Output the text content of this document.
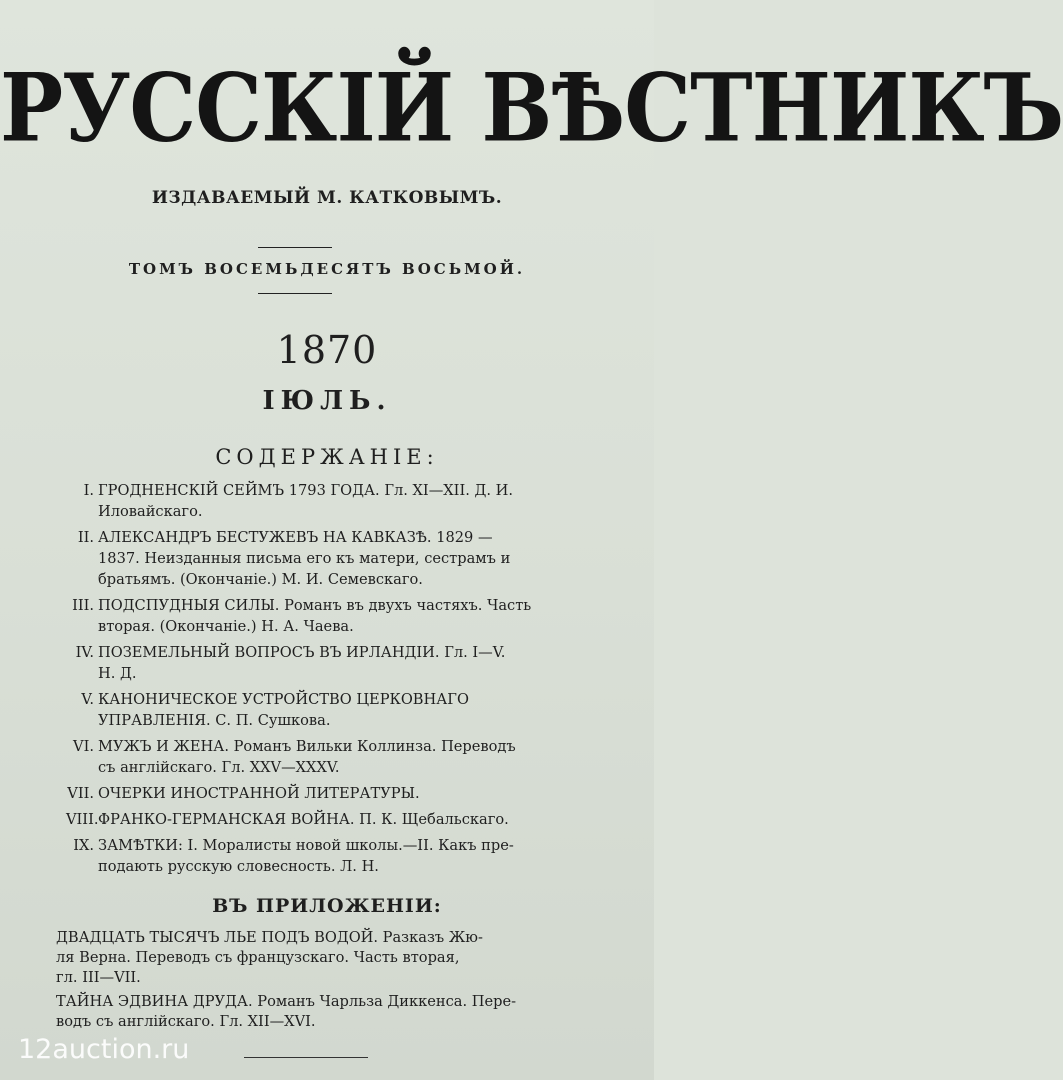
РУССКІЙ ВѢСТНИКЪ
ИЗДАВАЕМЫЙ М. КАТКОВЫМЪ.
ТОМЪ ВОСЕМЬДЕСЯТЪ ВОСЬМОЙ.
1870
ІЮЛЬ.
СОДЕРЖАНІЕ:
I. ГРОДНЕНСКІЙ СЕЙМЪ 1793 ГОДА. Гл. XI—XII. Д. И.
Иловайскаго.
II. АЛЕКСАНДРЪ БЕСТУЖЕВЪ НА КАВКАЗѢ. 1829 —
1837. Неизданныя письма его къ матери, сестрамъ и
братьямъ. (Окончаніе.) М. И. Семевскаго.
III. ПОДСПУДНЫЯ СИЛЫ. Романъ въ двухъ частяхъ. Часть
вторая. (Окончаніе.) Н. А. Чаева.
IV. ПОЗЕМЕЛЬНЫЙ ВОПРОСЪ ВЪ ИРЛАНДІИ. Гл. I—V.
Н. Д.
V. КАНОНИЧЕСКОЕ УСТРОЙСТВО ЦЕРКОВНАГО
УПРАВЛЕНІЯ. С. П. Сушкова.
VI. МУЖЪ И ЖЕНА. Романъ Вильки Коллинза. Переводъ
съ англійскаго. Гл. XXV—XXXV.
VII. ОЧЕРКИ ИНОСТРАННОЙ ЛИТЕРАТУРЫ.
VIII.ФРАНКО-ГЕРМАНСКАЯ ВОЙНА. П. К. Щебальскаго.
IX. ЗАМѢТКИ: I. Моралисты новой школы.—II. Какъ пре-
подають русскую словесность. Л. Н.
ВЪ ПРИЛОЖЕНІИ:
ДВАДЦАТЬ ТЫСЯЧЪ ЛЬЕ ПОДЪ ВОДОЙ. Разказъ Жю-
ля Верна. Переводъ съ французскаго. Часть вторая,
гл. III—VII.
ТАЙНА ЭДВИНА ДРУДА. Романъ Чарльза Диккенса. Пере-
водъ съ англійскаго. Гл. XII—XVI.
12auction.ru
